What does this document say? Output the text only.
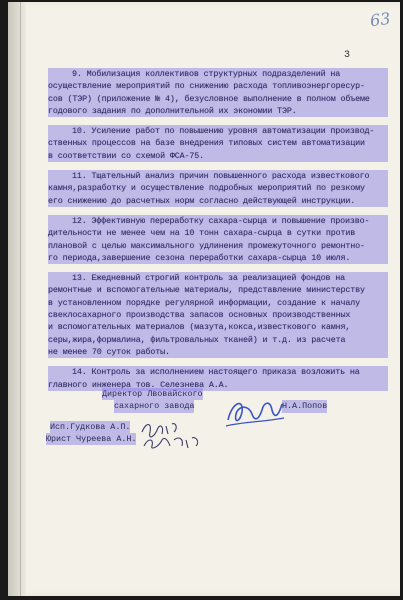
63
3
9. Мобилизация коллективов структурных подразделений на
осуществление мероприятий по снижению расхода топливоэнергоресур-
сов (ТЭР) (приложение № 4), безусловное выполнение в полном объеме
годового задания по дополнительной их экономии ТЭР.
10. Усиление работ по повышению уровня автоматизации производ-
ственных процессов на базе внедрения типовых систем автоматизации
в соответствии со схемой ФСА-75.
11. Тщательный анализ причин повышенного расхода известкового
камня,разработку и осуществление подробных мероприятий по резкому
его снижению до расчетных норм согласно действующей инструкции.
12. Эффективную переработку сахара-сырца и повышение произво-
дительности не менее чем на 10 тонн сахара-сырца в сутки против
плановой с целью максимального удлинения промежуточного ремонтно-
го периода,завершение сезона переработки сахара-сырца 10 июля.
13. Ежедневный строгий контроль за реализацией фондов на
ремонтные и вспомогательные материалы, представление министерству
в установленном порядке регулярной информации, создание к началу
свеклосахарного производства запасов основных производственных
и вспомогательных материалов (мазута,кокса,известкового камня,
серы,жира,формалина, фильтровальных тканей) и т.д. из расчета
не менее 70 суток работы.
14. Контроль за исполнением настоящего приказа возложить на
главного инженера тов. Селезнева А.А.
Директор Лвовайского
сахарного завода	Н.А.Попов
Исп.Гудкова А.П.
Юрист Чуреева А.Н.
